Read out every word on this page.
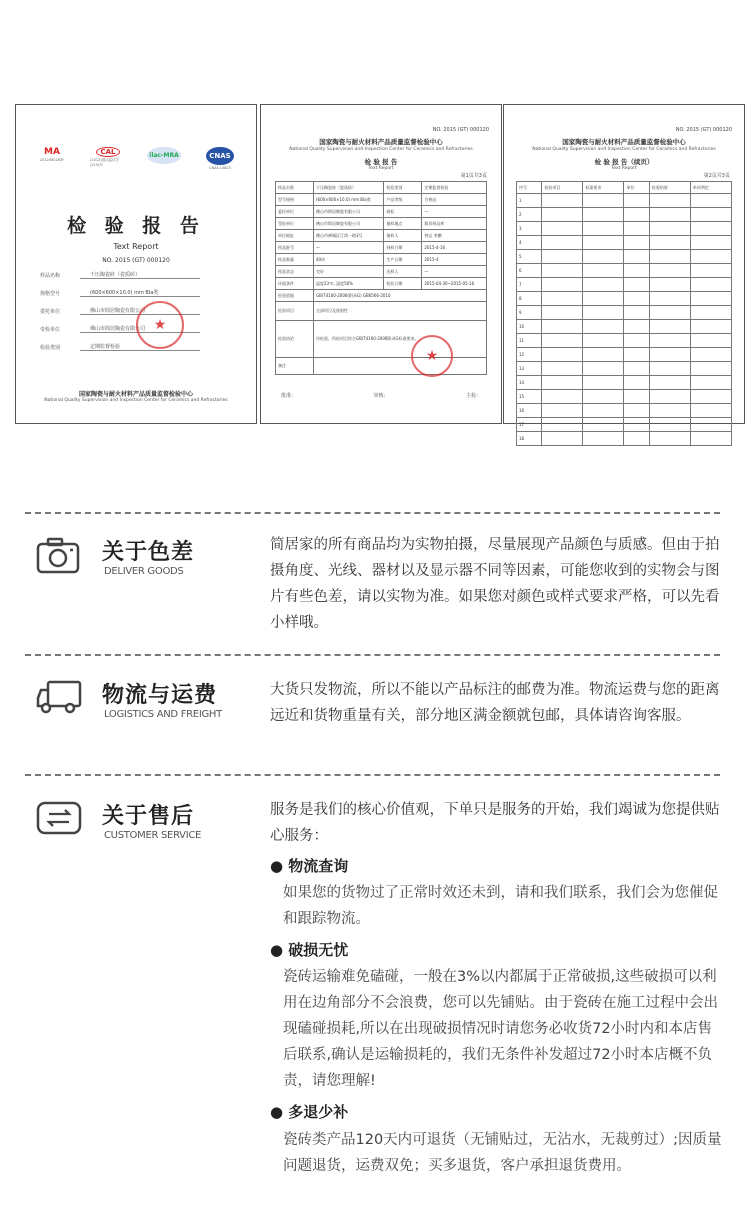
MA
2012000283F
CAL
(2012)国认监认字(215)号
ilac-MRA	CNAS
CNAS L0823
检 验 报 告
Text Report
NO. 2015 (GT) 000120
样品名称	干压陶瓷砖（瓷质砖）
规格型号	(600×600×10.0) mm BIa类
委托单位	佛山市简居陶瓷有限公司
受检单位	佛山市简居陶瓷有限公司
检验类别	定期监督检验
★
国家陶瓷与耐火材料产品质量监督检验中心
National Quality Supervision and Inspection Center for Ceramics and Refractories
NO. 2015 (GT) 000120
国家陶瓷与耐火材料产品质量监督检验中心
National Quality Supervision and Inspection Center for Ceramics and Refractories
检 验 报 告
Text Report
第1页共3页
样品名称	干压陶瓷砖（瓷质砖）	检验类别	定期监督检验
型号规格	(600×600×10.0) mm BIa类	产品等级	合格品
委托单位	佛山市简居陶瓷有限公司	商标	—
受检单位	佛山市简居陶瓷有限公司	抽样地点	简居样品库
单位地址	佛山市禅城区江湾一路3号	抽样人	钟志 李鹏
样品批号	—	到样日期	2015-4-16
样品数量	40块	生产日期	2015-4
样品状态	完好	送样人	—
环境条件	温度23℃, 湿度56%	检验日期	2015-04-30~2015-05-16
检验依据	GB/T4100-2006(附录G) GB6566-2010
检验项目	全部项目及放射性
检验结论	经检验，所检项目符合GB/T4100-2006附录G标准要求。
备注	
★
批准：	审核：	主检：
NO. 2015 (GT) 000120
国家陶瓷与耐火材料产品质量监督检验中心
National Quality Supervision and Inspection Center for Ceramics and Refractories
检 验 报 告（续页）
Text Report
第2页共3页
序号	检验项目	标准要求	单位	检验结果	单项判定
1					
2					
3					
4					
5					
6					
7					
8					
9					
10					
11					
12					
13					
14					
15					
16					
17					
18					
关于色差
DELIVER GOODS
简居家的所有商品均为实物拍摄，尽量展现产品颜色与质感。但由于拍摄角度、光线、器材以及显示器不同等因素，可能您收到的实物会与图片有些色差，请以实物为准。如果您对颜色或样式要求严格，可以先看小样哦。
物流与运费
LOGISTICS AND FREIGHT
大货只发物流，所以不能以产品标注的邮费为准。物流运费与您的距离远近和货物重量有关，部分地区满金额就包邮，具体请咨询客服。
关于售后
CUSTOMER SERVICE
服务是我们的核心价值观，下单只是服务的开始，我们竭诚为您提供贴心服务：
● 物流查询
如果您的货物过了正常时效还未到，请和我们联系，我们会为您催促和跟踪物流。
● 破损无忧
瓷砖运输难免磕碰，一般在3%以内都属于正常破损,这些破损可以利用在边角部分不会浪费，您可以先铺贴。由于瓷砖在施工过程中会出现磕碰损耗,所以在出现破损情况时请您务必收货72小时内和本店售后联系,确认是运输损耗的，我们无条件补发超过72小时本店概不负责，请您理解!
● 多退少补
瓷砖类产品120天内可退货（无铺贴过，无沾水，无裁剪过）;因质量问题退货，运费双免；买多退货，客户承担退货费用。
